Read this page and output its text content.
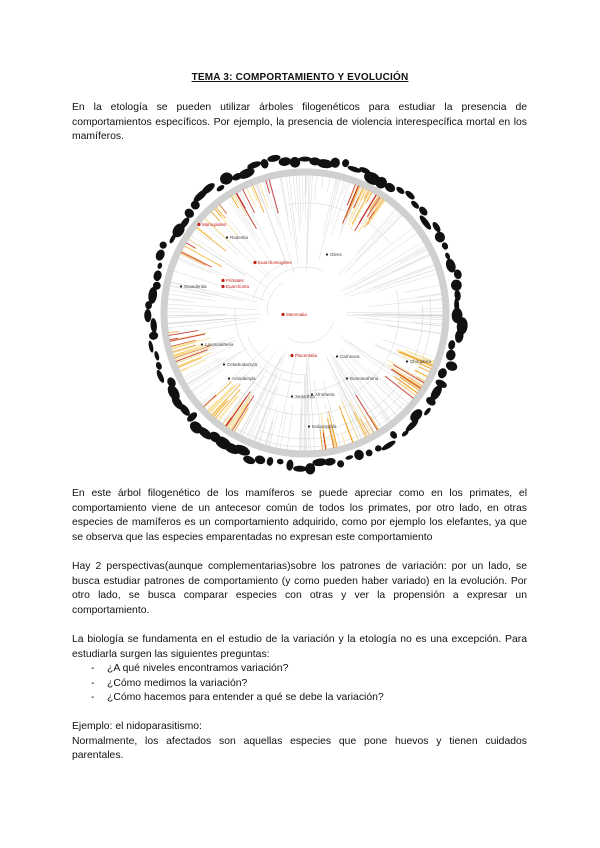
TEMA 3: COMPORTAMIENTO Y EVOLUCIÓN

En la etología se pueden utilizar árboles filogenéticos para estudiar la presencia de comportamientos específicos. Por ejemplo, la presencia de violencia interespecífica mortal en los mamíferos.

Marsupiales
Euarchontoglires
Primates
Euarchonta
Mammalia
Placentalia
Rodentia
Glires
Scandentia
Laurasiatheria
Cetartiodactyla
Artiodactyla
Carnivora
Chiroptera
Afrotheria
Xenarthra
Eulipotyphla
Boreoeutheria

En este árbol filogenético de los mamíferos se puede apreciar como en los primates, el comportamiento viene de un antecesor común de todos los primates, por otro lado, en otras especies de mamíferos es un comportamiento adquirido, como por ejemplo los elefantes, ya que se observa que las especies emparentadas no expresan este comportamiento

Hay 2 perspectivas(aunque complementarias)sobre los patrones de variación: por un lado, se busca estudiar patrones de comportamiento (y como pueden haber variado) en la evolución. Por otro lado, se busca comparar especies con otras y ver la propensión a expresar un comportamiento.

La biología se fundamenta en el estudio de la variación y la etología no es una excepción. Para estudiarla surgen las siguientes preguntas:

- ¿A qué niveles encontramos variación?
- ¿Cómo medimos la variación?
- ¿Cómo hacemos para entender a qué se debe la variación?
Ejemplo: el nidoparasitismo:
Normalmente, los afectados son aquellas especies que pone huevos y tienen cuidados parentales.
